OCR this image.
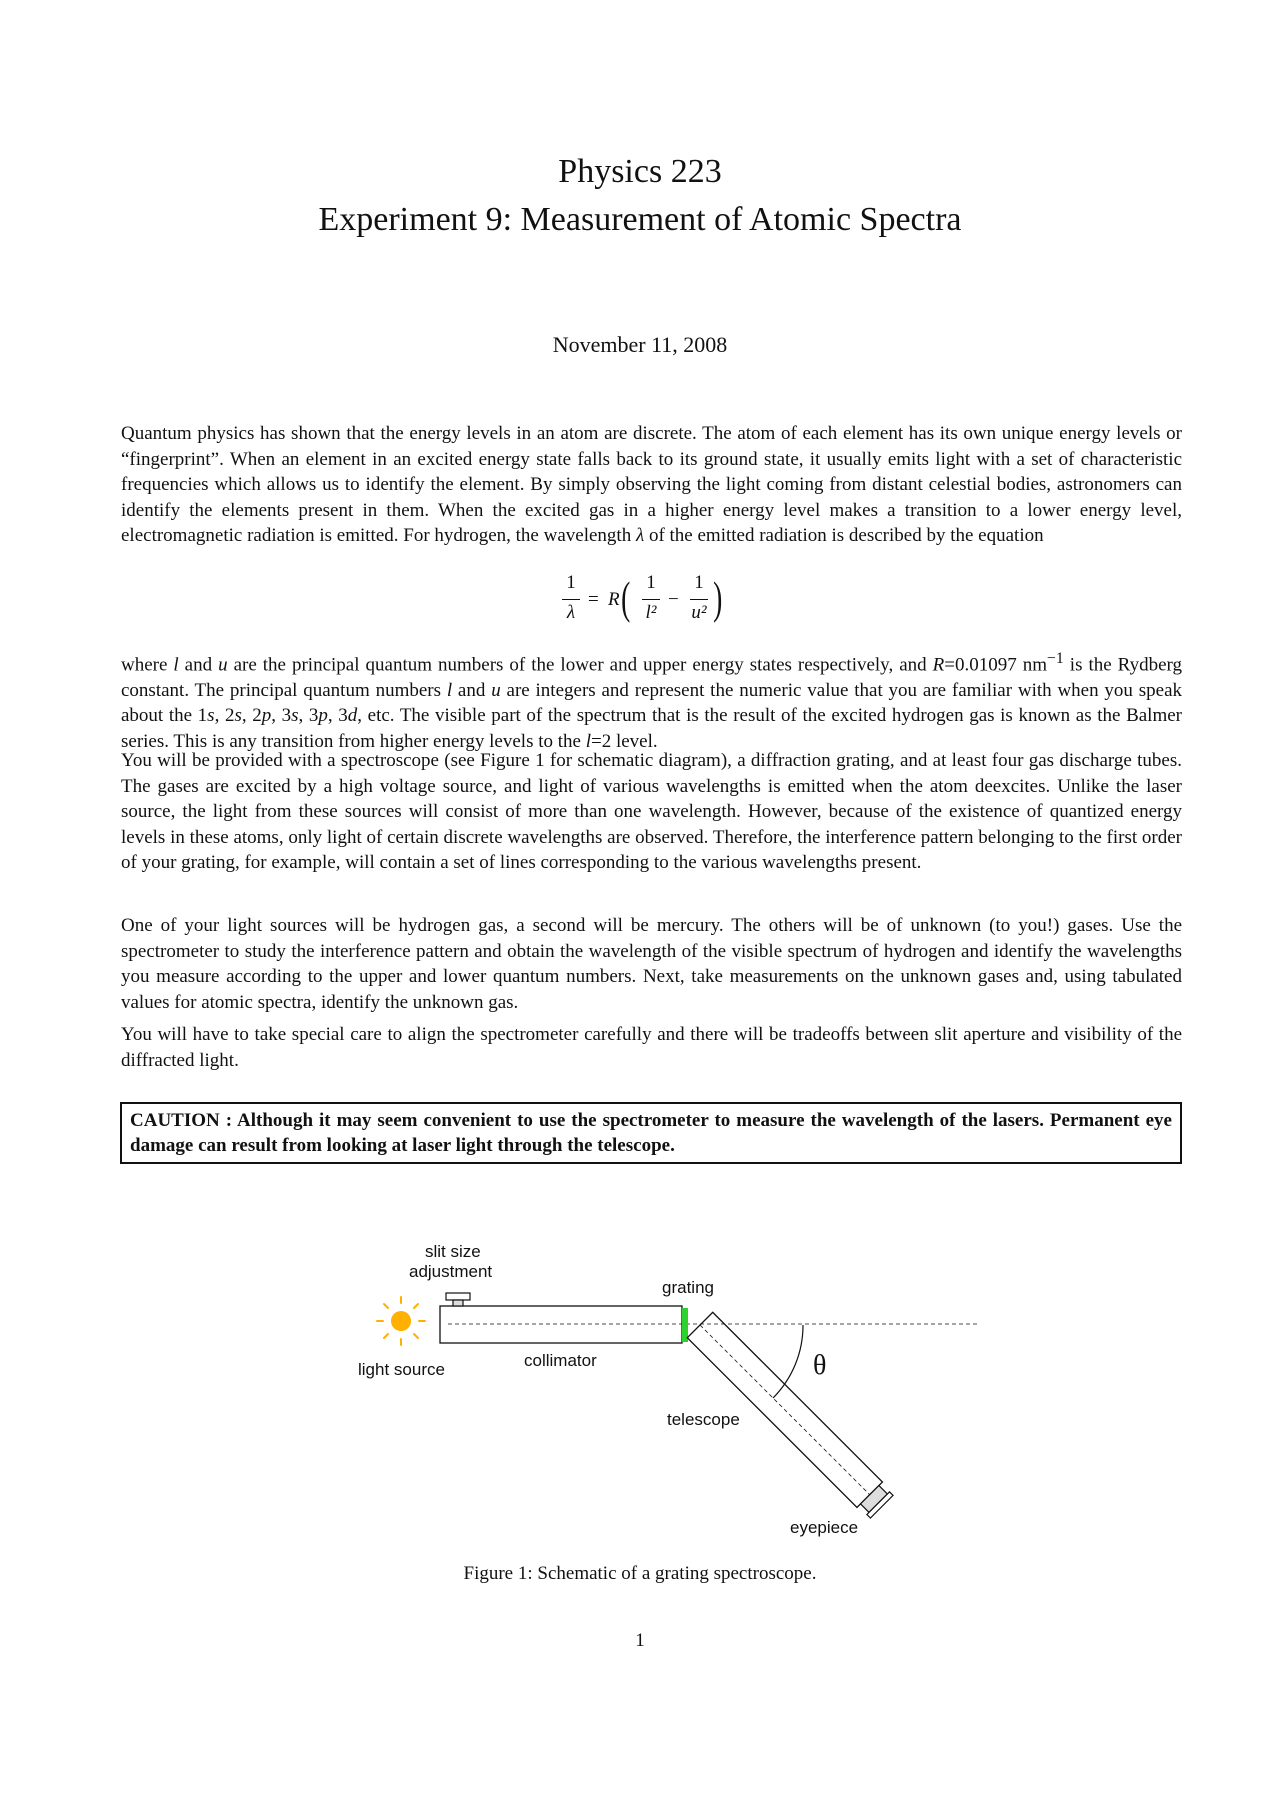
Physics 223
Experiment 9: Measurement of Atomic Spectra
November 11, 2008

Quantum physics has shown that the energy levels in an atom are discrete. The atom of each element has its own unique energy levels or “fingerprint”. When an element in an excited energy state falls back to its ground state, it usually emits light with a set of characteristic frequencies which allows us to identify the element. By simply observing the light coming from distant celestial bodies, astronomers can identify the elements present in them. When the excited gas in a higher energy level makes a transition to a lower energy level, electromagnetic radiation is emitted. For hydrogen, the wavelength λ of the emitted radiation is described by the equation

1
λ
= R ( 1
l²
−
1
u² )

where l and u are the principal quantum numbers of the lower and upper energy states respectively, and R=0.01097 $nm^{-1}$ is the Rydberg constant. The principal quantum numbers l and u are integers and represent the numeric value that you are familiar with when you speak about the 1s, 2s, 2p, 3s, 3p, 3d, etc. The visible part of the spectrum that is the result of the excited hydrogen gas is known as the Balmer series. This is any transition from higher energy levels to the l=2 level.

You will be provided with a spectroscope (see Figure 1 for schematic diagram), a diffraction grating, and at least four gas discharge tubes. The gases are excited by a high voltage source, and light of various wavelengths is emitted when the atom deexcites. Unlike the laser source, the light from these sources will consist of more than one wavelength. However, because of the existence of quantized energy levels in these atoms, only light of certain discrete wavelengths are observed. Therefore, the interference pattern belonging to the first order of your grating, for example, will contain a set of lines corresponding to the various wavelengths present.

One of your light sources will be hydrogen gas, a second will be mercury. The others will be of unknown (to you!) gases. Use the spectrometer to study the interference pattern and obtain the wavelength of the visible spectrum of hydrogen and identify the wavelengths you measure according to the upper and lower quantum numbers. Next, take measurements on the unknown gases and, using tabulated values for atomic spectra, identify the unknown gas.

You will have to take special care to align the spectrometer carefully and there will be tradeoffs between slit aperture and visibility of the diffracted light.

CAUTION : Although it may seem convenient to use the spectrometer to measure the wavelength of the lasers. Permanent eye damage can result from looking at laser light through the telescope.
slit size
adjustment
grating
light source	collimator	θ
telescope
eyepiece
Figure 1: Schematic of a grating spectroscope.
1
